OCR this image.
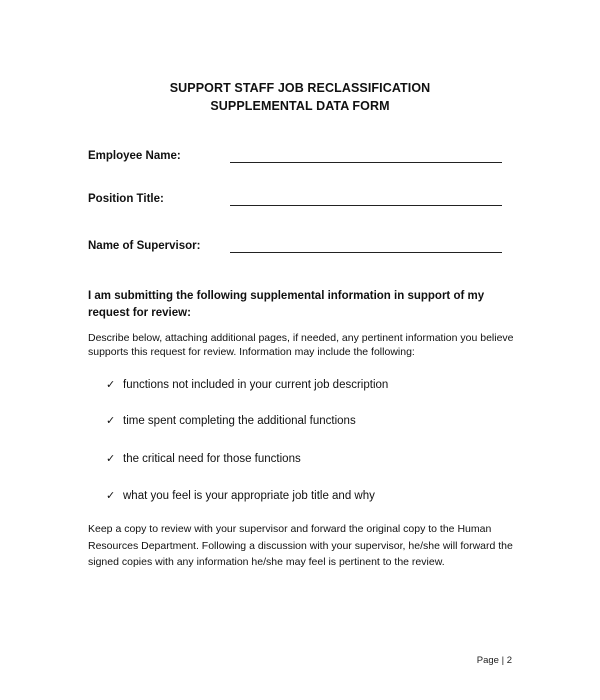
SUPPORT STAFF JOB RECLASSIFICATION
SUPPLEMENTAL DATA FORM
Employee Name:
Position Title:
Name of Supervisor:
I am submitting the following supplemental information in support of my request for review:
Describe below, attaching additional pages, if needed, any pertinent information you believe supports this request for review. Information may include the following:
✓ functions not included in your current job description
✓ time spent completing the additional functions
✓ the critical need for those functions
✓ what you feel is your appropriate job title and why
Keep a copy to review with your supervisor and forward the original copy to the Human Resources Department. Following a discussion with your supervisor, he/she will forward the signed copies with any information he/she may feel is pertinent to the review.
Page | 2
